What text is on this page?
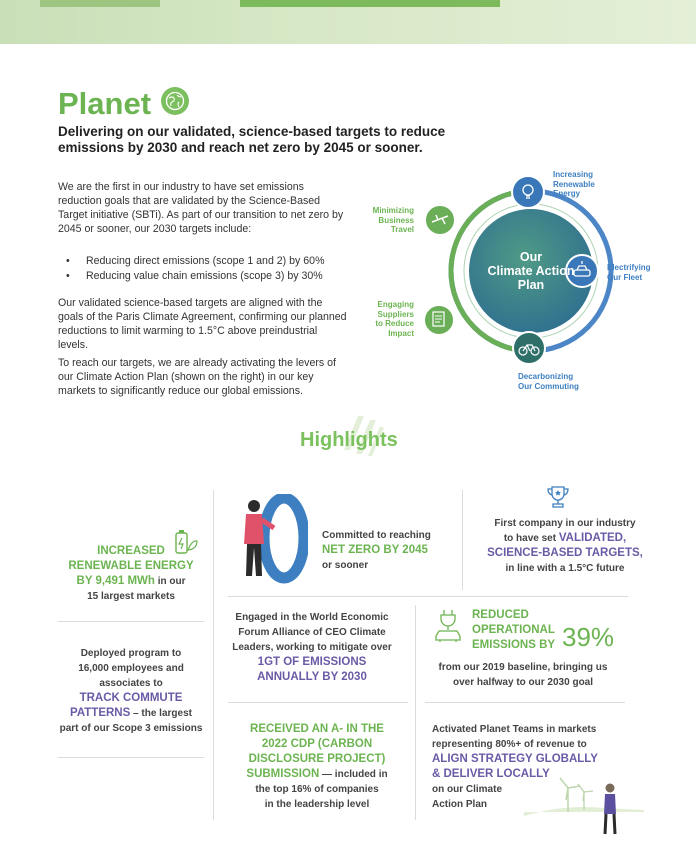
Planet
Delivering on our validated, science-based targets to reduce emissions by 2030 and reach net zero by 2045 or sooner.
We are the first in our industry to have set emissions reduction goals that are validated by the Science-Based Target initiative (SBTi). As part of our transition to net zero by 2045 or sooner, our 2030 targets include:
• Reducing direct emissions (scope 1 and 2) by 60%
• Reducing value chain emissions (scope 3) by 30%
Our validated science-based targets are aligned with the goals of the Paris Climate Agreement, confirming our planned reductions to limit warming to 1.5°C above preindustrial levels.
To reach our targets, we are already activating the levers of our Climate Action Plan (shown on the right) in our key markets to significantly reduce our global emissions.
Our
Climate Action
Plan
Increasing
Renewable
Energy
Electrifying
Our Fleet
Decarbonizing
Our Commuting
Engaging
Suppliers
to Reduce
Impact
Minimizing
Business
Travel
Highlights
INCREASED
RENEWABLE ENERGY
BY 9,491 MWh in our
15 largest markets
Committed to reaching
NET ZERO BY 2045
or sooner
First company in our industry
to have set VALIDATED,
SCIENCE-BASED TARGETS,
in line with a 1.5°C future
Deployed program to
16,000 employees and
associates to
TRACK COMMUTE
PATTERNS – the largest
part of our Scope 3 emissions
Engaged in the World Economic
Forum Alliance of CEO Climate
Leaders, working to mitigate over
1GT OF EMISSIONS
ANNUALLY BY 2030
REDUCED
OPERATIONAL
EMISSIONS BY 39%
from our 2019 baseline, bringing us
over halfway to our 2030 goal
RECEIVED AN A- IN THE
2022 CDP (CARBON
DISCLOSURE PROJECT)
SUBMISSION — included in
the top 16% of companies
in the leadership level
Activated Planet Teams in markets
representing 80%+ of revenue to
ALIGN STRATEGY GLOBALLY
& DELIVER LOCALLY
on our Climate
Action Plan
